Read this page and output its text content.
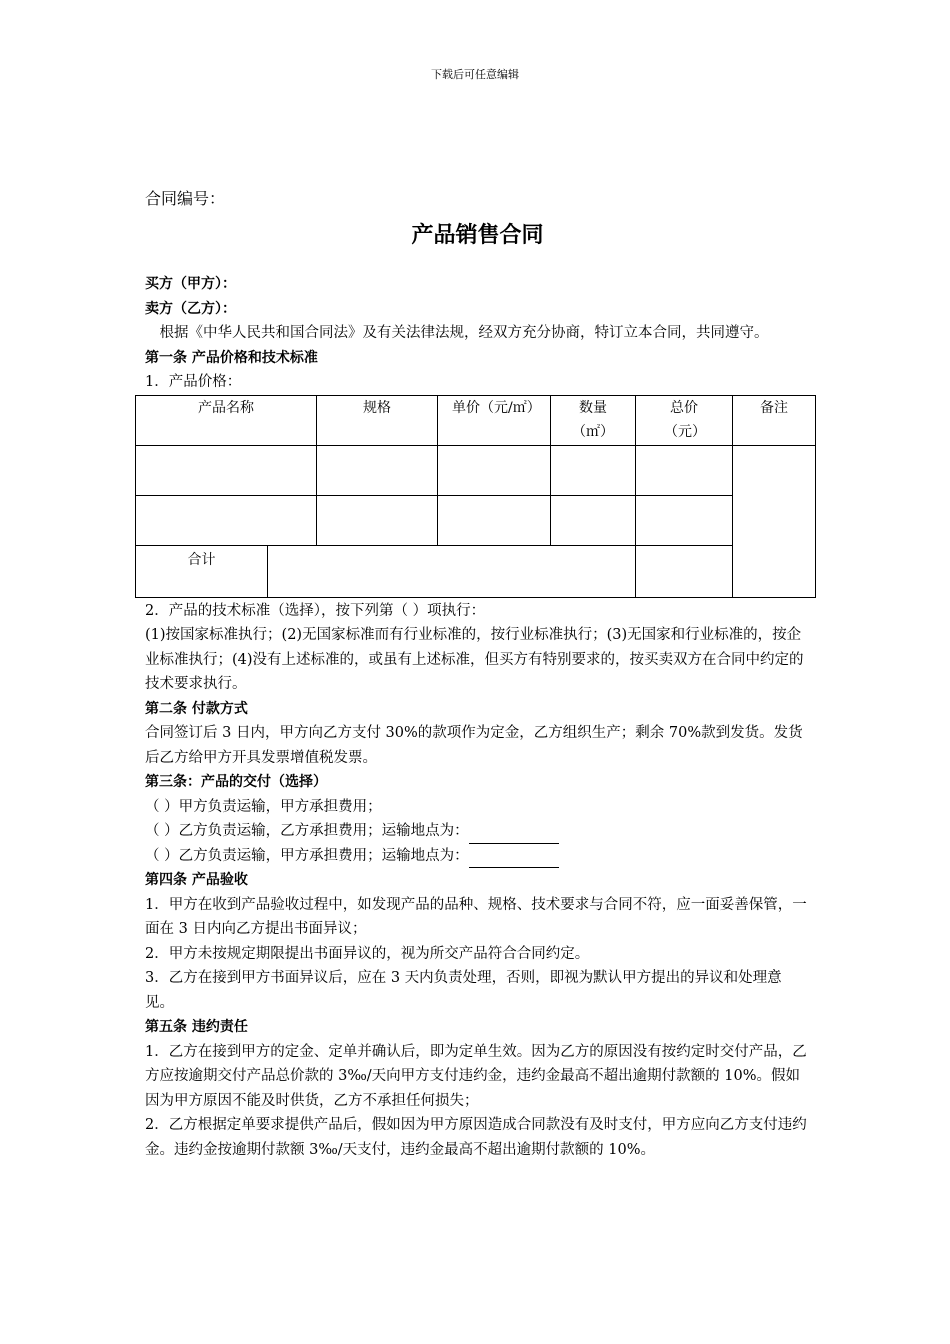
下载后可任意编辑

合同编号：

产品销售合同

买方（甲方）：

卖方（乙方）：

根据《中华人民共和国合同法》及有关法律法规，经双方充分协商，特订立本合同，共同遵守。

第一条 产品价格和技术标准

1．产品价格：

产品名称		规格	单价（元/㎡）	数量（㎡）	总价（元）	备注

合计						

2．产品的技术标准（选择），按下列第（ ）项执行：

(1)按国家标准执行；(2)无国家标准而有行业标准的，按行业标准执行；(3)无国家和行业标准的，按企业标准执行；(4)没有上述标准的，或虽有上述标准，但买方有特别要求的，按买卖双方在合同中约定的技术要求执行。

第二条 付款方式

合同签订后 3 日内，甲方向乙方支付 30%的款项作为定金，乙方组织生产；剩余 70%款到发货。发货后乙方给甲方开具发票增值税发票。

第三条：产品的交付（选择）

（ ）甲方负责运输，甲方承担费用；

（ ）乙方负责运输，乙方承担费用；运输地点为：

（ ）乙方负责运输，甲方承担费用；运输地点为：

第四条 产品验收

1．甲方在收到产品验收过程中，如发现产品的品种、规格、技术要求与合同不符，应一面妥善保管，一面在 3 日内向乙方提出书面异议；

2．甲方未按规定期限提出书面异议的，视为所交产品符合合同约定。

3．乙方在接到甲方书面异议后，应在 3 天内负责处理，否则，即视为默认甲方提出的异议和处理意见。

第五条 违约责任

1．乙方在接到甲方的定金、定单并确认后，即为定单生效。因为乙方的原因没有按约定时交付产品，乙方应按逾期交付产品总价款的 3‰/天向甲方支付违约金，违约金最高不超出逾期付款额的 10%。假如因为甲方原因不能及时供货，乙方不承担任何损失；

2．乙方根据定单要求提供产品后，假如因为甲方原因造成合同款没有及时支付，甲方应向乙方支付违约金。违约金按逾期付款额 3‰/天支付，违约金最高不超出逾期付款额的 10%。
